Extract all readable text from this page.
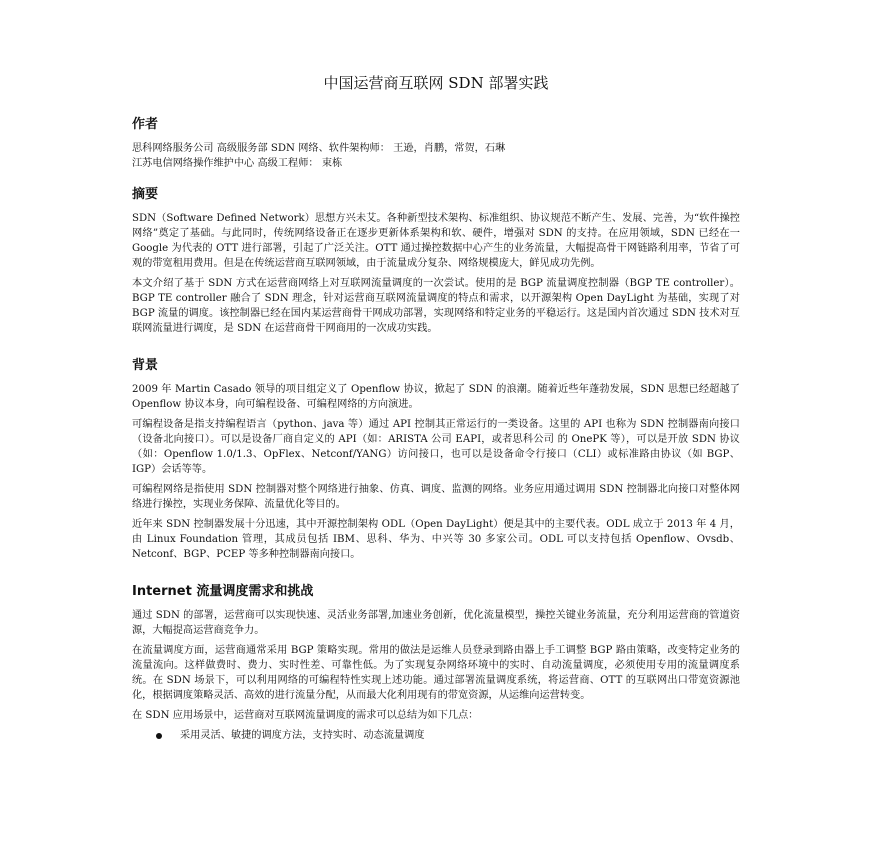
中国运营商互联网 SDN 部署实践
作者

思科网络服务公司 高级服务部 SDN 网络、软件架构师： 王逊，肖鹏，常贺，石琳

江苏电信网络操作维护中心 高级工程师： 束栋

摘要

SDN（Software Defined Network）思想方兴未艾。各种新型技术架构、标准组织、协议规范不断产生、发展、完善，为“软件操控网络”奠定了基础。与此同时，传统网络设备正在逐步更新体系架构和软、硬件，增强对 SDN 的支持。在应用领域，SDN 已经在一 Google 为代表的 OTT 进行部署，引起了广泛关注。OTT 通过操控数据中心产生的业务流量，大幅提高骨干网链路利用率，节省了可观的带宽租用费用。但是在传统运营商互联网领域，由于流量成分复杂、网络规模庞大，鲜见成功先例。

本文介绍了基于 SDN 方式在运营商网络上对互联网流量调度的一次尝试。使用的是 BGP 流量调度控制器（BGP TE controller）。BGP TE controller 融合了 SDN 理念，针对运营商互联网流量调度的特点和需求，以开源架构 Open DayLight 为基础，实现了对 BGP 流量的调度。该控制器已经在国内某运营商骨干网成功部署，实现网络和特定业务的平稳运行。这是国内首次通过 SDN 技术对互联网流量进行调度，是 SDN 在运营商骨干网商用的一次成功实践。

背景

2009 年 Martin Casado 领导的项目组定义了 Openflow 协议，掀起了 SDN 的浪潮。随着近些年蓬勃发展，SDN 思想已经超越了 Openflow 协议本身，向可编程设备、可编程网络的方向演进。

可编程设备是指支持编程语言（python、java 等）通过 API 控制其正常运行的一类设备。这里的 API 也称为 SDN 控制器南向接口（设备北向接口）。可以是设备厂商自定义的 API（如：ARISTA 公司 EAPI，或者思科公司 的 OnePK 等），可以是开放 SDN 协议（如：Openflow 1.0/1.3、OpFlex、Netconf/YANG）访问接口，也可以是设备命令行接口（CLI）或标准路由协议（如 BGP、IGP）会话等等。

可编程网络是指使用 SDN 控制器对整个网络进行抽象、仿真、调度、监测的网络。业务应用通过调用 SDN 控制器北向接口对整体网络进行操控，实现业务保障、流量优化等目的。

近年来 SDN 控制器发展十分迅速，其中开源控制架构 ODL（Open DayLight）便是其中的主要代表。ODL 成立于 2013 年 4 月，由 Linux Foundation 管理，其成员包括 IBM、思科、华为、中兴等 30 多家公司。ODL 可以支持包括 Openflow、Ovsdb、Netconf、BGP、PCEP 等多种控制器南向接口。

Internet 流量调度需求和挑战

通过 SDN 的部署，运营商可以实现快速、灵活业务部署,加速业务创新，优化流量模型，操控关键业务流量，充分利用运营商的管道资源，大幅提高运营商竞争力。

在流量调度方面，运营商通常采用 BGP 策略实现。常用的做法是运维人员登录到路由器上手工调整 BGP 路由策略，改变特定业务的流量流向。这样做费时、费力、实时性差、可靠性低。为了实现复杂网络环境中的实时、自动流量调度，必须使用专用的流量调度系统。在 SDN 场景下，可以利用网络的可编程特性实现上述功能。通过部署流量调度系统，将运营商、OTT 的互联网出口带宽资源池化，根据调度策略灵活、高效的进行流量分配，从而最大化利用现有的带宽资源，从运维向运营转变。

在 SDN 应用场景中，运营商对互联网流量调度的需求可以总结为如下几点：

采用灵活、敏捷的调度方法，支持实时、动态流量调度
